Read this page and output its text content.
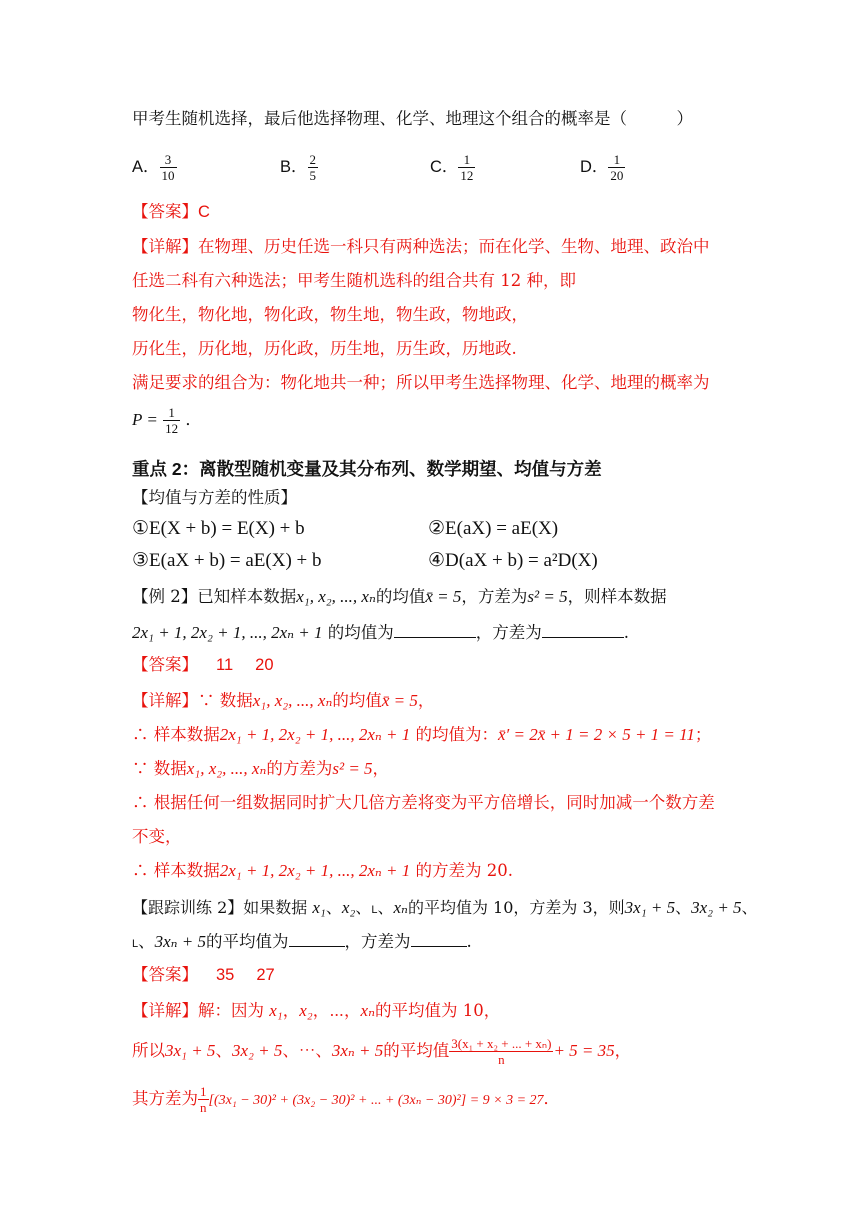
甲考生随机选择，最后他选择物理、化学、地理这个组合的概率是（　　　）
A． $\frac{3}{10}$	B． $\frac{2}{5}$	C． $\frac{1}{12}$	D． $\frac{1}{20}$
【答案】C
【详解】在物理、历史任选一科只有两种选法；而在化学、生物、地理、政治中
任选二科有六种选法；甲考生随机选科的组合共有 12 种，即
物化生，物化地，物化政，物生地，物生政，物地政，
历化生，历化地，历化政，历生地，历生政，历地政.
满足要求的组合为：物化地共一种；所以甲考生选择物理、化学、地理的概率为
$P = \frac{1}{12}$ ．
重点 2：离散型随机变量及其分布列、数学期望、均值与方差
【均值与方差的性质】
①E(X + b) = E(X) + b	②E(aX) = aE(X)
③E(aX + b) = aE(X) + b	④D(aX + b) = a²D(X)
【例 2】已知样本数据x₁, x₂, ..., xₙ的均值x̄ = 5，方差为s² = 5，则样本数据
2x₁ + 1, 2x₂ + 1, ..., 2xₙ + 1 的均值为	，方差为	.
【答案】 11 20
【详解】∵ 数据x₁, x₂, ..., xₙ的均值x̄ = 5，
∴ 样本数据2x₁ + 1, 2x₂ + 1, ..., 2xₙ + 1 的均值为：x̄′ = 2x̄ + 1 = 2 × 5 + 1 = 11；
∵ 数据x₁, x₂, ..., xₙ的方差为s² = 5，
∴ 根据任何一组数据同时扩大几倍方差将变为平方倍增长，同时加减一个数方差
不变，
∴ 样本数据2x₁ + 1, 2x₂ + 1, ..., 2xₙ + 1 的方差为 20.
【跟踪训练 2】如果数据 x₁、x₂、L、xₙ的平均值为 10，方差为 3，则3x₁ + 5、3x₂ + 5、
L、3xₙ + 5的平均值为	，方差为	.
【答案】 35 27
【详解】解：因为 x₁，x₂，⋯，xₙ的平均值为 10，
所以3x₁ + 5、3x₂ + 5、⋯、3xₙ + 5的平均值 $\frac{\text{3(x₁ + x₂ + ... + xₙ)}}{n} + 5 = 35$，
其方差为 $\frac{1}{n} [(3x_1 - 30)^2 + (3x_2 - 30)^2$ + ... + (3xₙ − 30)²] = 9 × 3 = 27．
